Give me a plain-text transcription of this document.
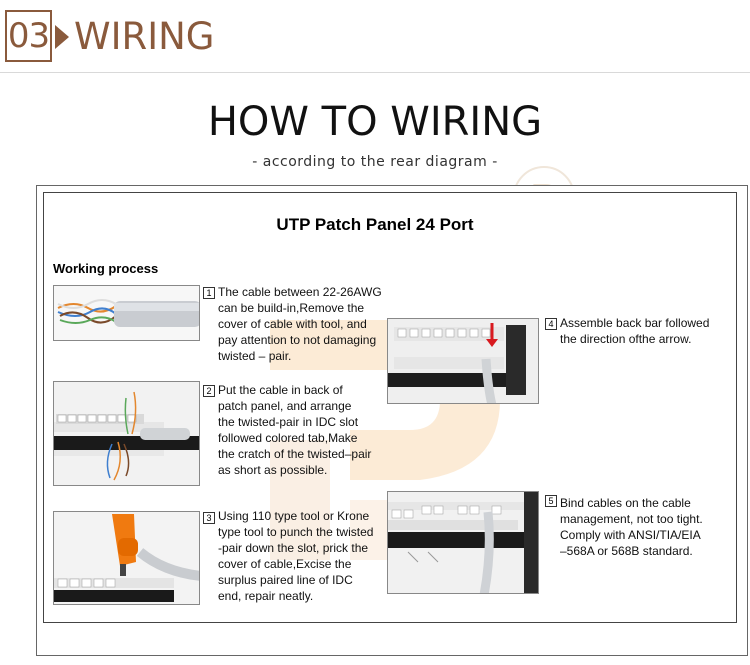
03 WIRING
HOW TO WIRING
- according to the rear diagram -
UTP Patch Panel 24 Port
Working process
1 The cable between 22-26AWG
can be build-in,Remove the
cover of cable with tool, and
pay attention to not damaging
twisted – pair.
2 Put the cable in back of
patch panel, and arrange
the twisted-pair in IDC slot
followed colored tab,Make
the cratch of the twisted–pair
as short as possible.
3 Using 110 type tool or Krone
type tool to punch the twisted
-pair down the slot, prick the
cover of cable,Excise the
surplus paired line of IDC
end, repair neatly.
4 Assemble back bar followed
the direction ofthe arrow.
5 Bind cables on the cable
management, not too tight.
Comply with ANSI/TIA/EIA
–568A or 568B standard.
